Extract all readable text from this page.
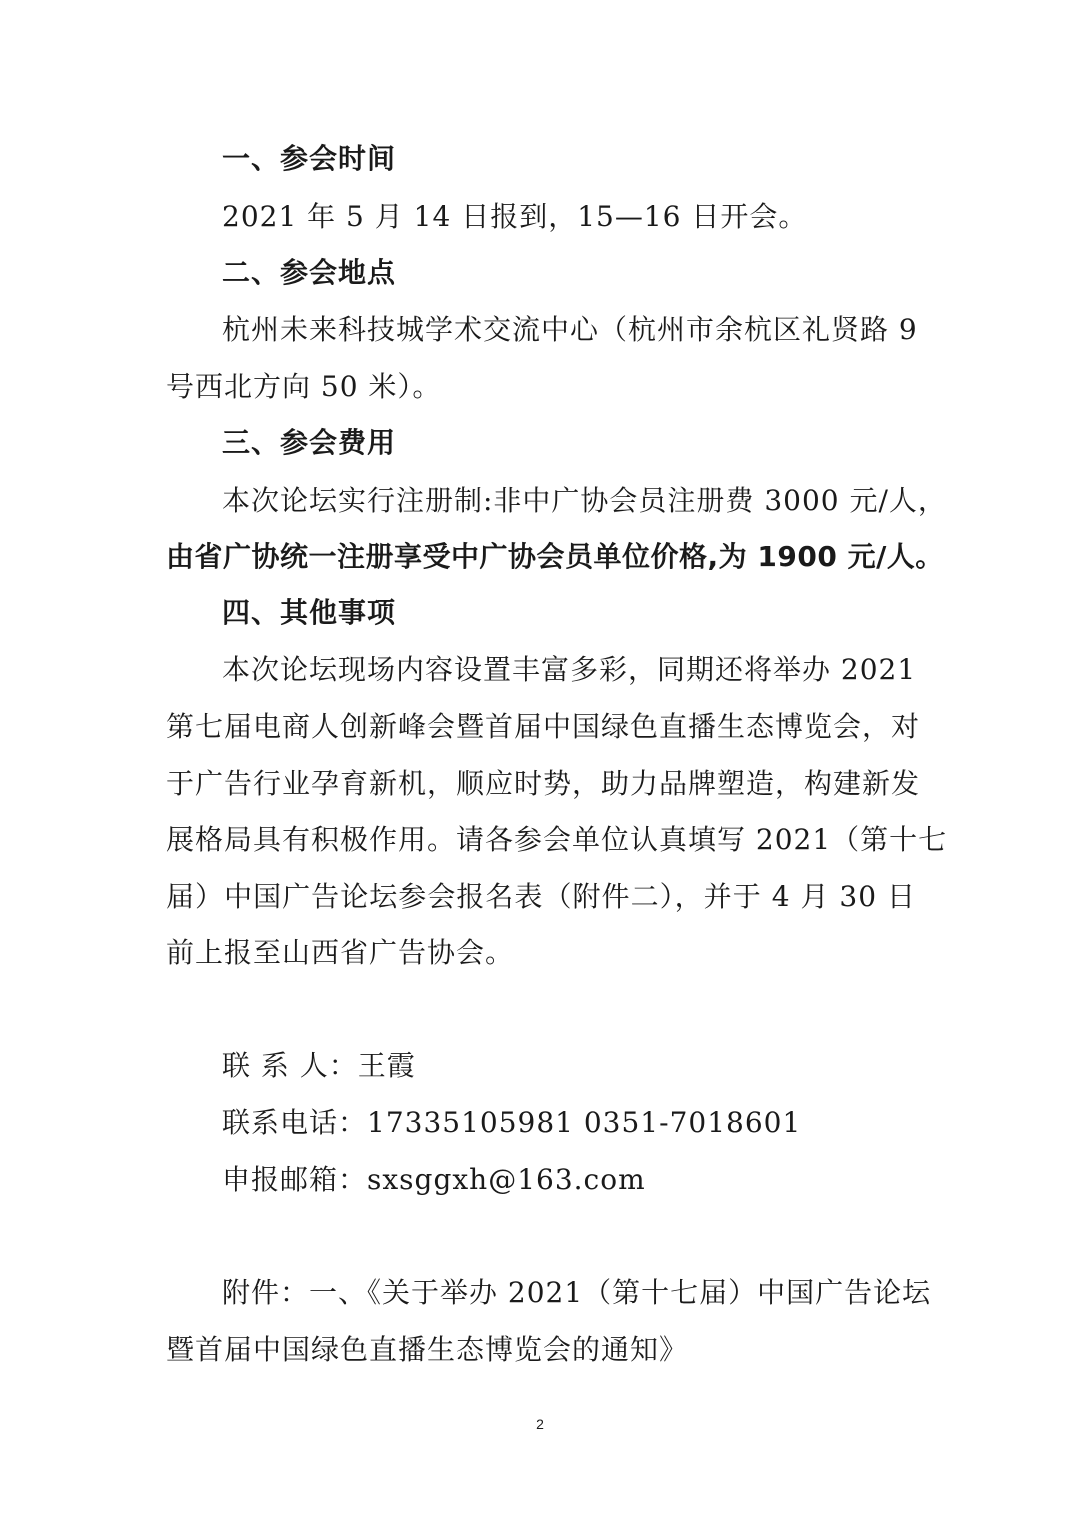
一、参会时间
2021 年 5 月 14 日报到，15—16 日开会。
二、参会地点
杭州未来科技城学术交流中心（杭州市余杭区礼贤路 9
号西北方向 50 米）。
三、参会费用
本次论坛实行注册制:非中广协会员注册费 3000 元/人，
由省广协统一注册享受中广协会员单位价格,为 1900 元/人。
四、其他事项
本次论坛现场内容设置丰富多彩，同期还将举办 2021
第七届电商人创新峰会暨首届中国绿色直播生态博览会，对
于广告行业孕育新机，顺应时势，助力品牌塑造，构建新发
展格局具有积极作用。请各参会单位认真填写 2021（第十七
届）中国广告论坛参会报名表（附件二），并于 4 月 30 日
前上报至山西省广告协会。
联 系 人：王霞
联系电话：17335105981 0351-7018601
申报邮箱：sxsggxh@163.com
附件：一、《关于举办 2021（第十七届）中国广告论坛
暨首届中国绿色直播生态博览会的通知》
2
